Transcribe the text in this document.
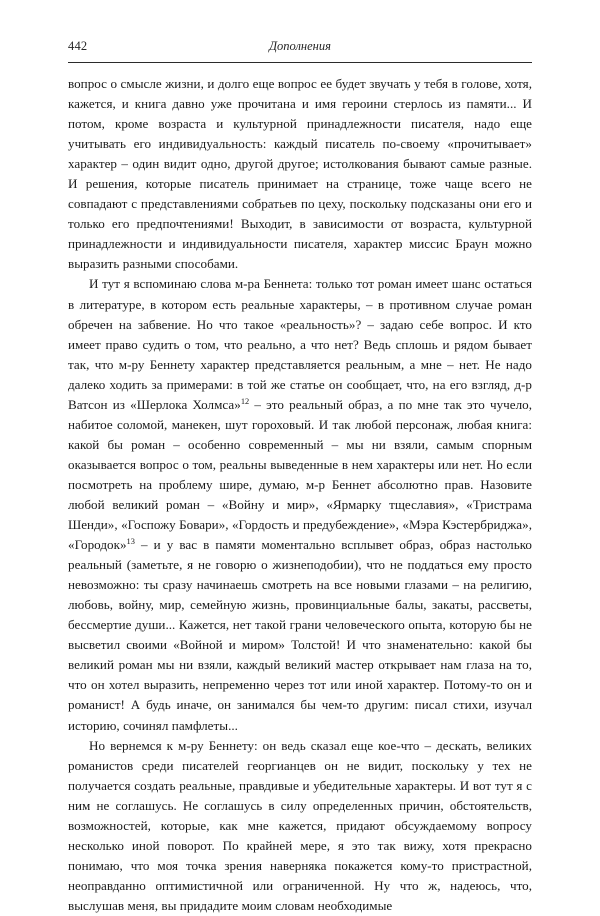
442	Дополнения

вопрос о смысле жизни, и долго еще вопрос ее будет звучать у тебя в голове, хотя, кажется, и книга давно уже прочитана и имя героини стерлось из памяти... И потом, кроме возраста и культурной принадлежности писателя, надо еще учитывать его индивидуальность: каждый писатель по-своему «прочитывает» характер – один видит одно, другой другое; истолкования бывают самые разные. И решения, которые писатель принимает на странице, тоже чаще всего не совпадают с представлениями собратьев по цеху, поскольку подсказаны они его и только его предпочтениями! Выходит, в зависимости от возраста, культурной принадлежности и индивидуальности писателя, характер миссис Браун можно выразить разными способами.

И тут я вспоминаю слова м-ра Беннета: только тот роман имеет шанс остаться в литературе, в котором есть реальные характеры, – в противном случае роман обречен на забвение. Но что такое «реальность»? – задаю себе вопрос. И кто имеет право судить о том, что реально, а что нет? Ведь сплошь и рядом бывает так, что м-ру Беннету характер представляется реальным, а мне – нет. Не надо далеко ходить за примерами: в той же статье он сообщает, что, на его взгляд, д-р Ватсон из «Шерлока Холмса»$^{12}$ – это реальный образ, а по мне так это чучело, набитое соломой, манекен, шут гороховый. И так любой персонаж, любая книга: какой бы роман – особенно современный – мы ни взяли, самым спорным оказывается вопрос о том, реальны выведенные в нем характеры или нет. Но если посмотреть на проблему шире, думаю, м-р Беннет абсолютно прав. Назовите любой великий роман – «Войну и мир», «Ярмарку тщеславия», «Тристрама Шенди», «Госпожу Бовари», «Гордость и предубеждение», «Мэра Кэстербриджа», «Городок»$^{13}$ – и у вас в памяти моментально всплывет образ, образ настолько реальный (заметьте, я не говорю о жизнеподобии), что не поддаться ему просто невозможно: ты сразу начинаешь смотреть на все новыми глазами – на религию, любовь, войну, мир, семейную жизнь, провинциальные балы, закаты, рассветы, бессмертие души... Кажется, нет такой грани человеческого опыта, которую бы не высветил своими «Войной и миром» Толстой! И что знаменательно: какой бы великий роман мы ни взяли, каждый великий мастер открывает нам глаза на то, что он хотел выразить, непременно через тот или иной характер. Потому-то он и романист! А будь иначе, он занимался бы чем-то другим: писал стихи, изучал историю, сочинял памфлеты...

Но вернемся к м-ру Беннету: он ведь сказал еще кое-что – дескать, великих романистов среди писателей георгианцев он не видит, поскольку у тех не получается создать реальные, правдивые и убедительные характеры. И вот тут я с ним не соглашусь. Не соглашусь в силу определенных причин, обстоятельств, возможностей, которые, как мне кажется, придают обсуждаемому вопросу несколько иной поворот. По крайней мере, я это так вижу, хотя прекрасно понимаю, что моя точка зрения наверняка покажется кому-то пристрастной, неоправданно оптимистичной или ограниченной. Ну что ж, надеюсь, что, выслушав меня, вы придадите моим словам необходимые
